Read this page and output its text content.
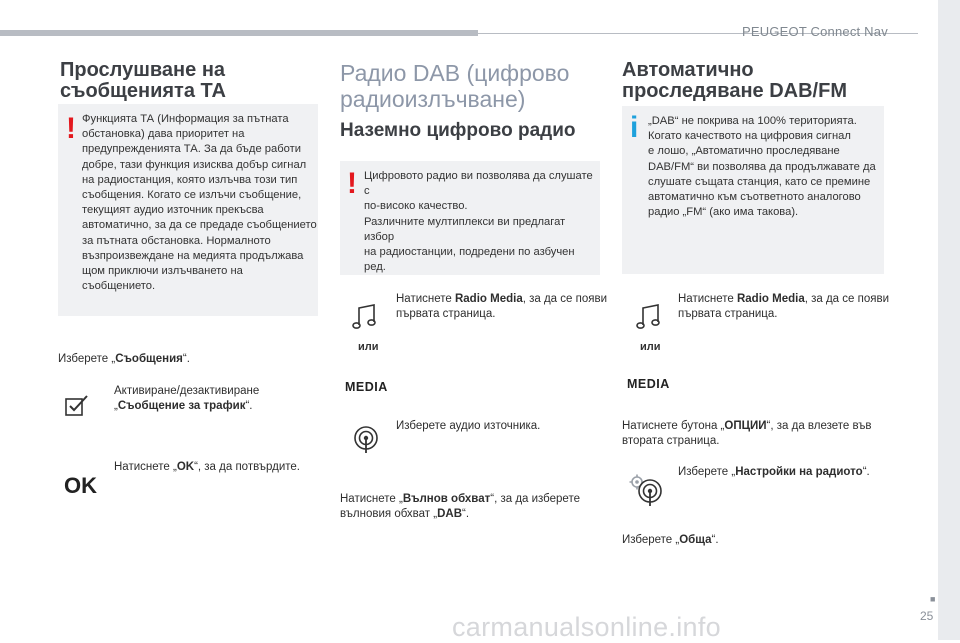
PEUGEOT Connect Nav
Прослушване на
съобщенията ТА
! Функцията ТА (Информация за пътната
обстановка) дава приоритет на
предупрежденията ТА. За да бъде работи
добре, тази функция изисква добър сигнал
на радиостанция, която излъчва този тип
съобщения. Когато се излъчи съобщение,
текущият аудио източник прекъсва
автоматично, за да се предаде съобщението
за пътната обстановка. Нормалното
възпроизвеждане на медията продължава
щом приключи излъчването на съобщението.
Изберете „Съобщения“.
Активиране/дезактивиране
„Съобщение за трафик“.
OK
Натиснете „OK“, за да потвърдите.
Радио DAB (цифрово
радиоизлъчване)
Наземно цифрово радио
! Цифровото радио ви позволява да слушате с
по-високо качество.
Различните мултиплекси ви предлагат избор
на радиостанции, подредени по азбучен ред.
Натиснете Radio Media, за да се появи
първата страница.
или
MEDIA
Изберете аудио източника.
Натиснете „Вълнов обхват“, за да изберете
вълновия обхват „DAB“.
Автоматично
проследяване DAB/FM
i „DAB“ не покрива на 100% територията.
Когато качеството на цифровия сигнал
е лошо, „Автоматично проследяване
DAB/FM“ ви позволява да продължавате да
слушате същата станция, като се премине
автоматично към съответното аналогово
радио „FM“ (ако има такова).
Натиснете Radio Media, за да се появи
първата страница.
или
MEDIA
Натиснете бутона „ОПЦИИ“, за да влезете във
втората страница.
Изберете „Настройки на радиото“.
Изберете „Обща“.
■
25
carmanualsonline.info
